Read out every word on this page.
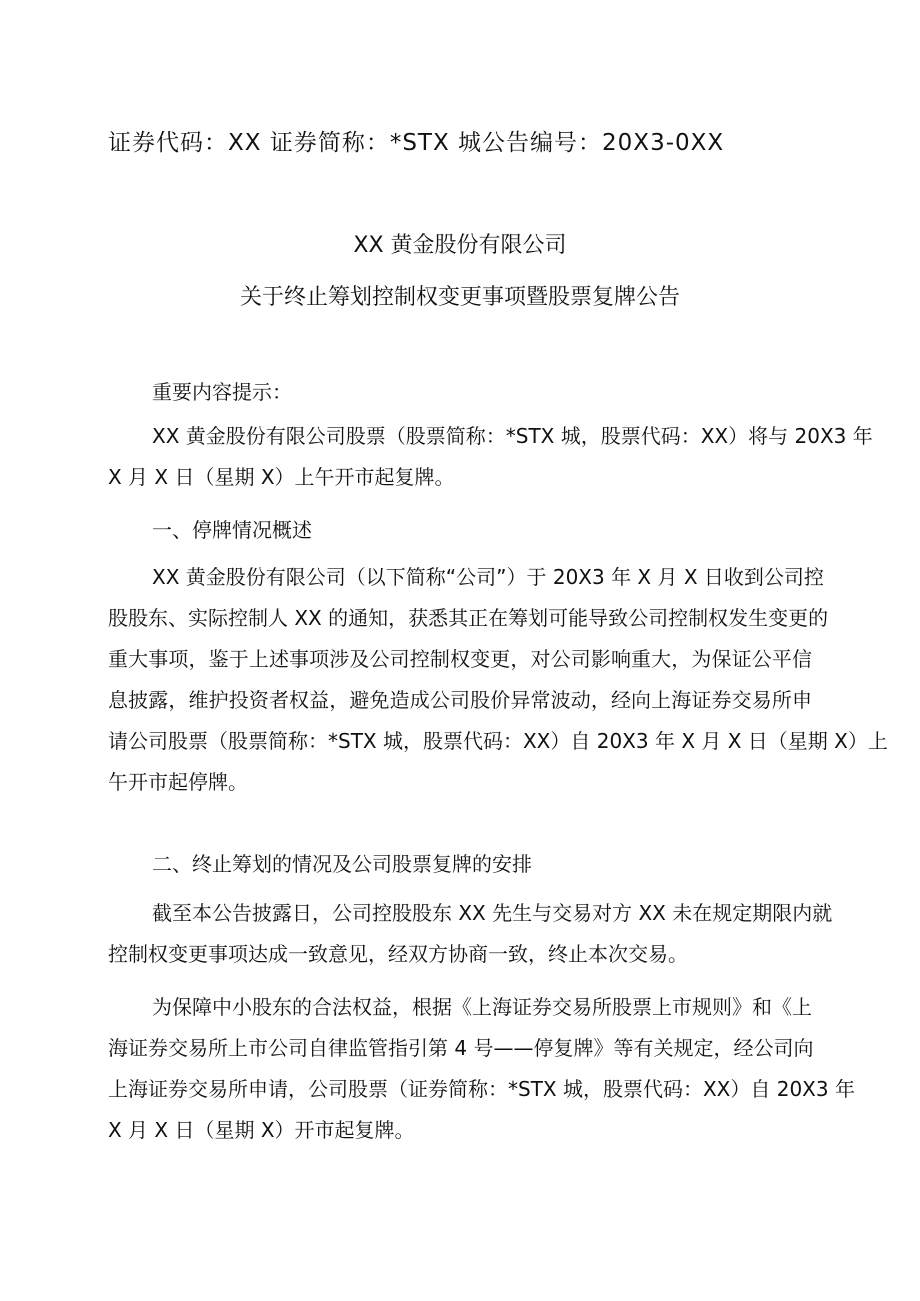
证券代码：XX 证券简称：*STX 城公告编号：20X3-0XX
XX 黄金股份有限公司
关于终止筹划控制权变更事项暨股票复牌公告
重要内容提示：
XX 黄金股份有限公司股票（股票简称：*STX 城，股票代码：XX）将与 20X3 年
X 月 X 日（星期 X）上午开市起复牌。
一、停牌情况概述
XX 黄金股份有限公司（以下简称“公司”）于 20X3 年 X 月 X 日收到公司控
股股东、实际控制人 XX 的通知，获悉其正在筹划可能导致公司控制权发生变更的
重大事项，鉴于上述事项涉及公司控制权变更，对公司影响重大，为保证公平信
息披露，维护投资者权益，避免造成公司股价异常波动，经向上海证券交易所申
请公司股票（股票简称：*STX 城，股票代码：XX）自 20X3 年 X 月 X 日（星期 X）上
午开市起停牌。
二、终止筹划的情况及公司股票复牌的安排
截至本公告披露日，公司控股股东 XX 先生与交易对方 XX 未在规定期限内就
控制权变更事项达成一致意见，经双方协商一致，终止本次交易。
为保障中小股东的合法权益，根据《上海证券交易所股票上市规则》和《上
海证券交易所上市公司自律监管指引第 4 号——停复牌》等有关规定，经公司向
上海证券交易所申请，公司股票（证券简称：*STX 城，股票代码：XX）自 20X3 年
X 月 X 日（星期 X）开市起复牌。
